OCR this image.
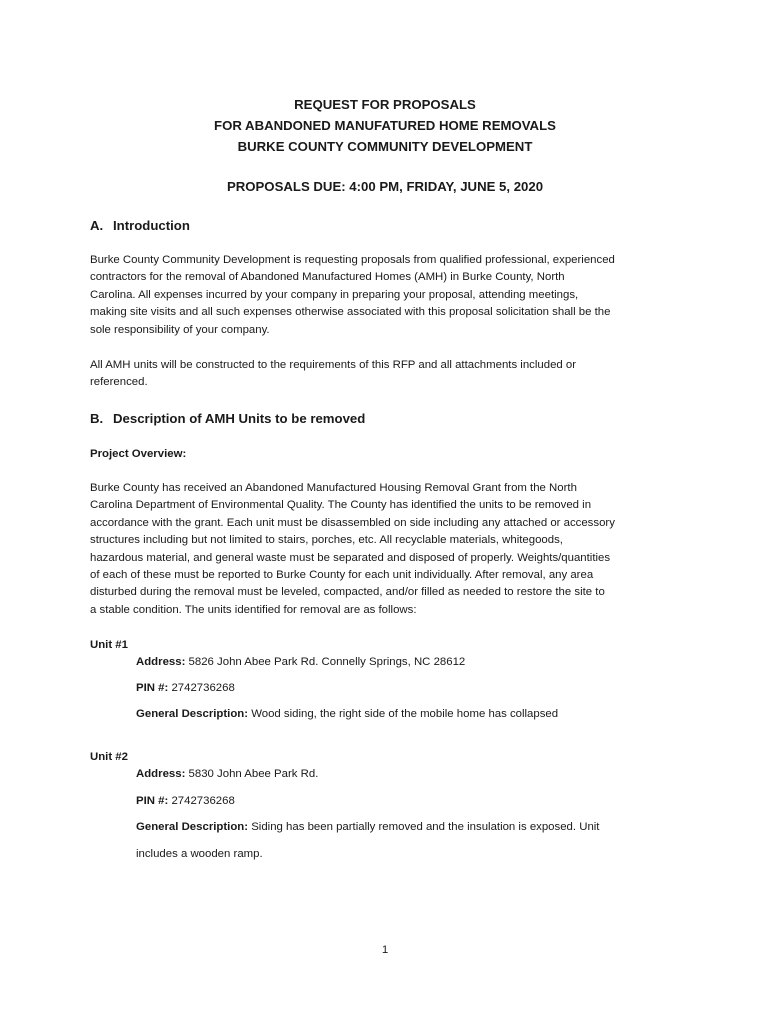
REQUEST FOR PROPOSALS
FOR ABANDONED MANUFATURED HOME REMOVALS
BURKE COUNTY COMMUNITY DEVELOPMENT
PROPOSALS DUE: 4:00 PM, FRIDAY, JUNE 5, 2020
A. Introduction
Burke County Community Development is requesting proposals from qualified professional, experienced
contractors for the removal of Abandoned Manufactured Homes (AMH) in Burke County, North
Carolina. All expenses incurred by your company in preparing your proposal, attending meetings,
making site visits and all such expenses otherwise associated with this proposal solicitation shall be the
sole responsibility of your company.
All AMH units will be constructed to the requirements of this RFP and all attachments included or
referenced.
B. Description of AMH Units to be removed
Project Overview:
Burke County has received an Abandoned Manufactured Housing Removal Grant from the North
Carolina Department of Environmental Quality. The County has identified the units to be removed in
accordance with the grant. Each unit must be disassembled on side including any attached or accessory
structures including but not limited to stairs, porches, etc. All recyclable materials, whitegoods,
hazardous material, and general waste must be separated and disposed of properly. Weights/quantities
of each of these must be reported to Burke County for each unit individually. After removal, any area
disturbed during the removal must be leveled, compacted, and/or filled as needed to restore the site to
a stable condition. The units identified for removal are as follows:
Unit #1
Address: 5826 John Abee Park Rd. Connelly Springs, NC 28612
PIN #: 2742736268
General Description: Wood siding, the right side of the mobile home has collapsed
Unit #2
Address: 5830 John Abee Park Rd.
PIN #: 2742736268
General Description: Siding has been partially removed and the insulation is exposed. Unit
includes a wooden ramp.
1
